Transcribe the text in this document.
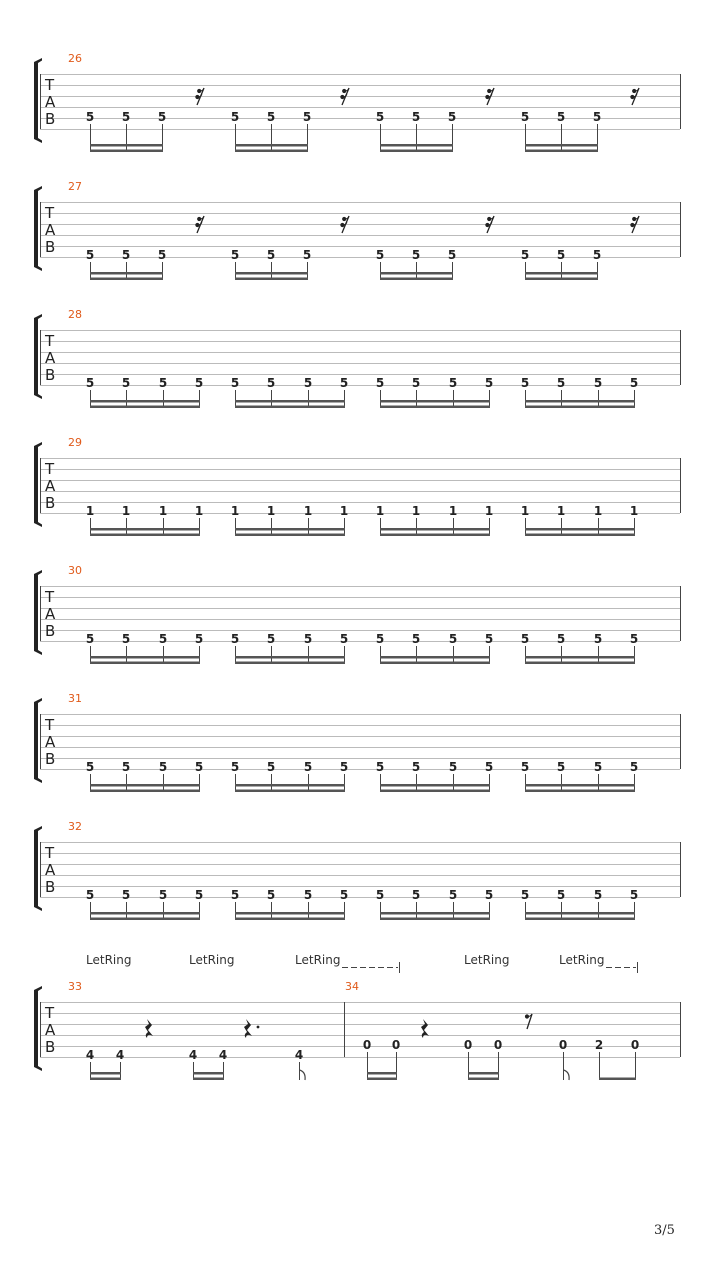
T
A
B
26
5 5 5	5 5 5	5 5 5	5 5 5
T
A
B
27
5 5 5	5 5 5	5 5 5	5 5 5
T
A
B
28
5 5 5 5 5 5 5 5 5 5 5 5 5 5 5 5
T
A
B
29
1 1 1 1 1 1 1 1 1 1 1 1 1 1 1 1
T
A
B
30
5 5 5 5 5 5 5 5 5 5 5 5 5 5 5 5
T
A
B
31
5 5 5 5 5 5 5 5 5 5 5 5 5 5 5 5
T
A
B
32
5 5 5 5 5 5 5 5 5 5 5 5 5 5 5 5
LetRing	LetRing	LetRing	LetRing	LetRing
T
A
B
33	34
4 4	4 4	4
0 0	0 0	0 2 0
3/5
